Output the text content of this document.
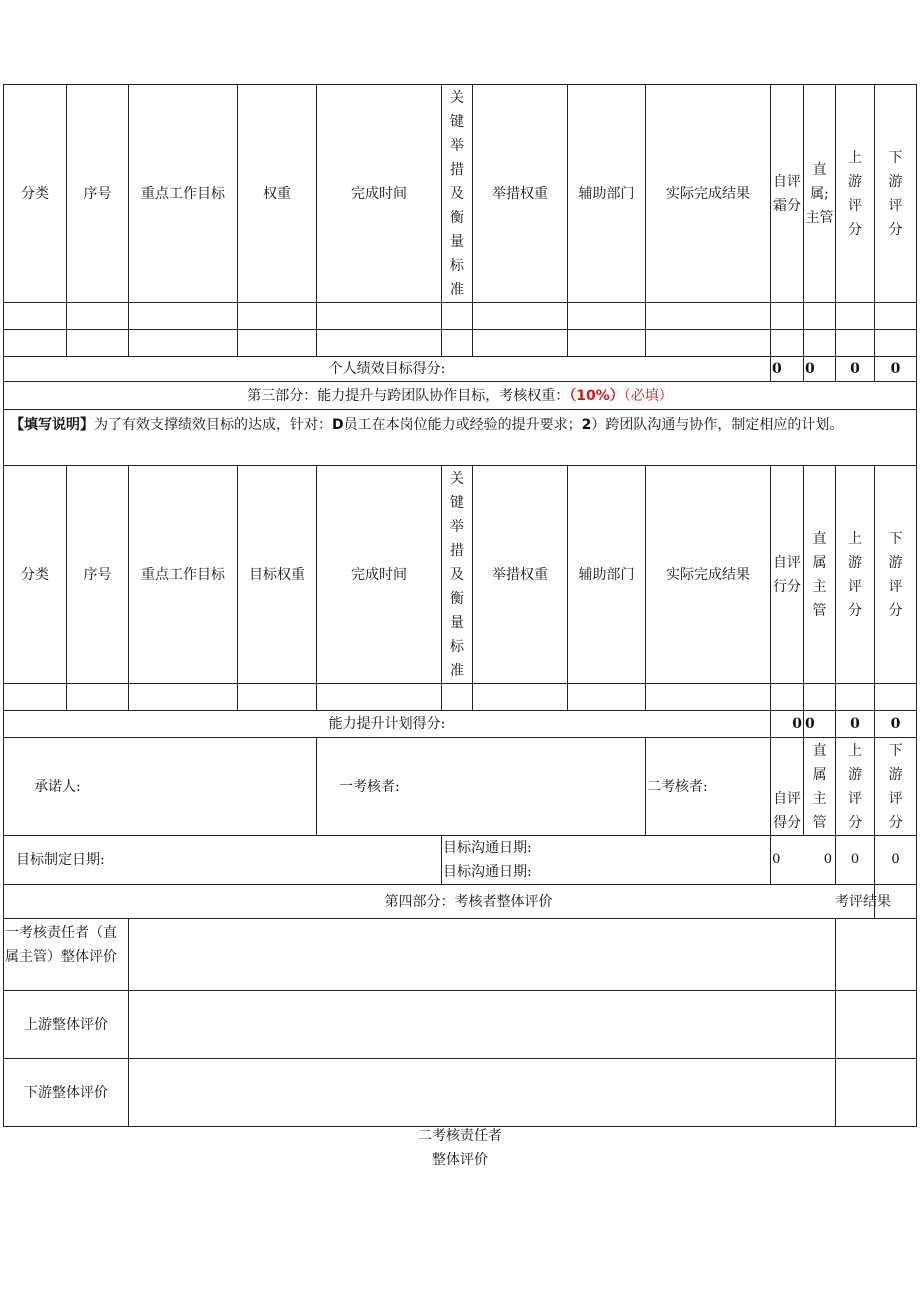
分类	序号	重点工作目标	权重	完成时间	关键举措及衡量标准	举措权重	辅助部门	实际完成结果	自评霜分	直属;主管	上游评分	下游评分

个人绩效目标得分:									0	0	0	0
第三部分：能力提升与跨团队协作目标，考核权重：（10%）（必填）												
【填写说明】为了有效支撑绩效目标的达成，针对：D员工在本岗位能力或经验的提升要求；2）跨团队沟通与协作，制定相应的计划。												
分类	序号	重点工作目标	目标权重	完成时间	关键举措及衡量标准	举措权重	辅助部门	实际完成结果	自评行分	直属主管	上游评分	下游评分

能力提升计划得分:									0	0	0	0
承诺人:	一考核者:		二考核者:	自评得分	直属主管	上游评分	下游评分

目标制定日期:		目标沟通日期:目标沟通日期:		0 0		0	0
第四部分：考核者整体评价							考评结果
一考核责任者（直属主管）整体评价		
上游整体评价		
下游整体评价		
二考核责任者
整体评价
